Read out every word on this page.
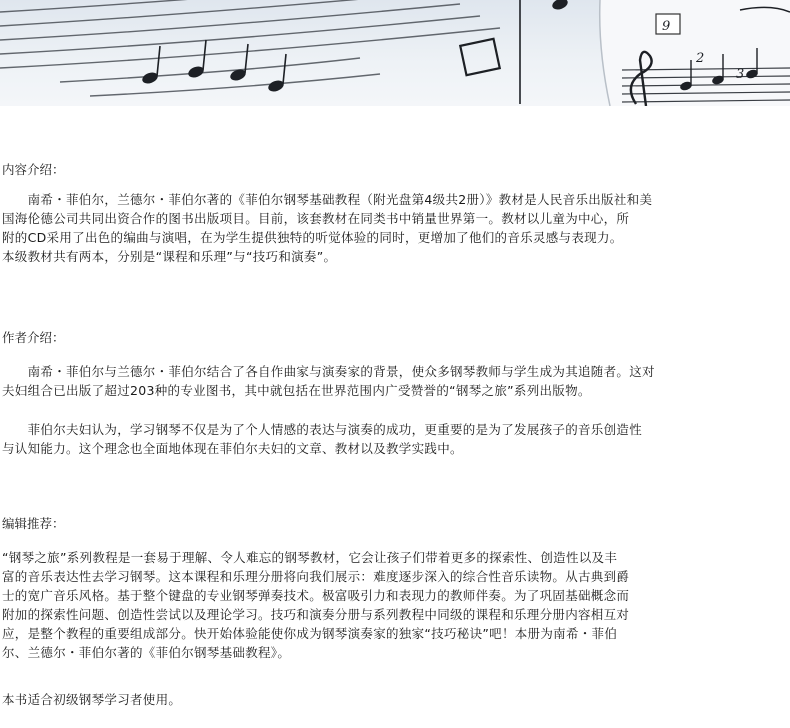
9
2
3
内容介绍：
　　南希・菲伯尔，兰德尔・菲伯尔著的《菲伯尔钢琴基础教程（附光盘第4级共2册）》教材是人民音乐出版社和美
国海伦德公司共同出资合作的图书出版项目。目前，该套教材在同类书中销量世界第一。教材以儿童为中心，所
附的CD采用了出色的编曲与演唱，在为学生提供独特的听觉体验的同时，更增加了他们的音乐灵感与表现力。
本级教材共有两本，分别是“课程和乐理”与“技巧和演奏”。
作者介绍：
　　南希・菲伯尔与兰德尔・菲伯尔结合了各自作曲家与演奏家的背景，使众多钢琴教师与学生成为其追随者。这对
夫妇组合已出版了超过203种的专业图书，其中就包括在世界范围内广受赞誉的“钢琴之旅”系列出版物。
　　菲伯尔夫妇认为，学习钢琴不仅是为了个人情感的表达与演奏的成功，更重要的是为了发展孩子的音乐创造性
与认知能力。这个理念也全面地体现在菲伯尔夫妇的文章、教材以及教学实践中。
编辑推荐：
“钢琴之旅”系列教程是一套易于理解、令人难忘的钢琴教材，它会让孩子们带着更多的探索性、创造性以及丰
富的音乐表达性去学习钢琴。这本课程和乐理分册将向我们展示：难度逐步深入的综合性音乐读物。从古典到爵
士的宽广音乐风格。基于整个键盘的专业钢琴弹奏技术。极富吸引力和表现力的教师伴奏。为了巩固基础概念而
附加的探索性问题、创造性尝试以及理论学习。技巧和演奏分册与系列教程中同级的课程和乐理分册内容相互对
应，是整个教程的重要组成部分。快开始体验能使你成为钢琴演奏家的独家“技巧秘诀”吧！本册为南希・菲伯
尔、兰德尔・菲伯尔著的《菲伯尔钢琴基础教程》。
本书适合初级钢琴学习者使用。
